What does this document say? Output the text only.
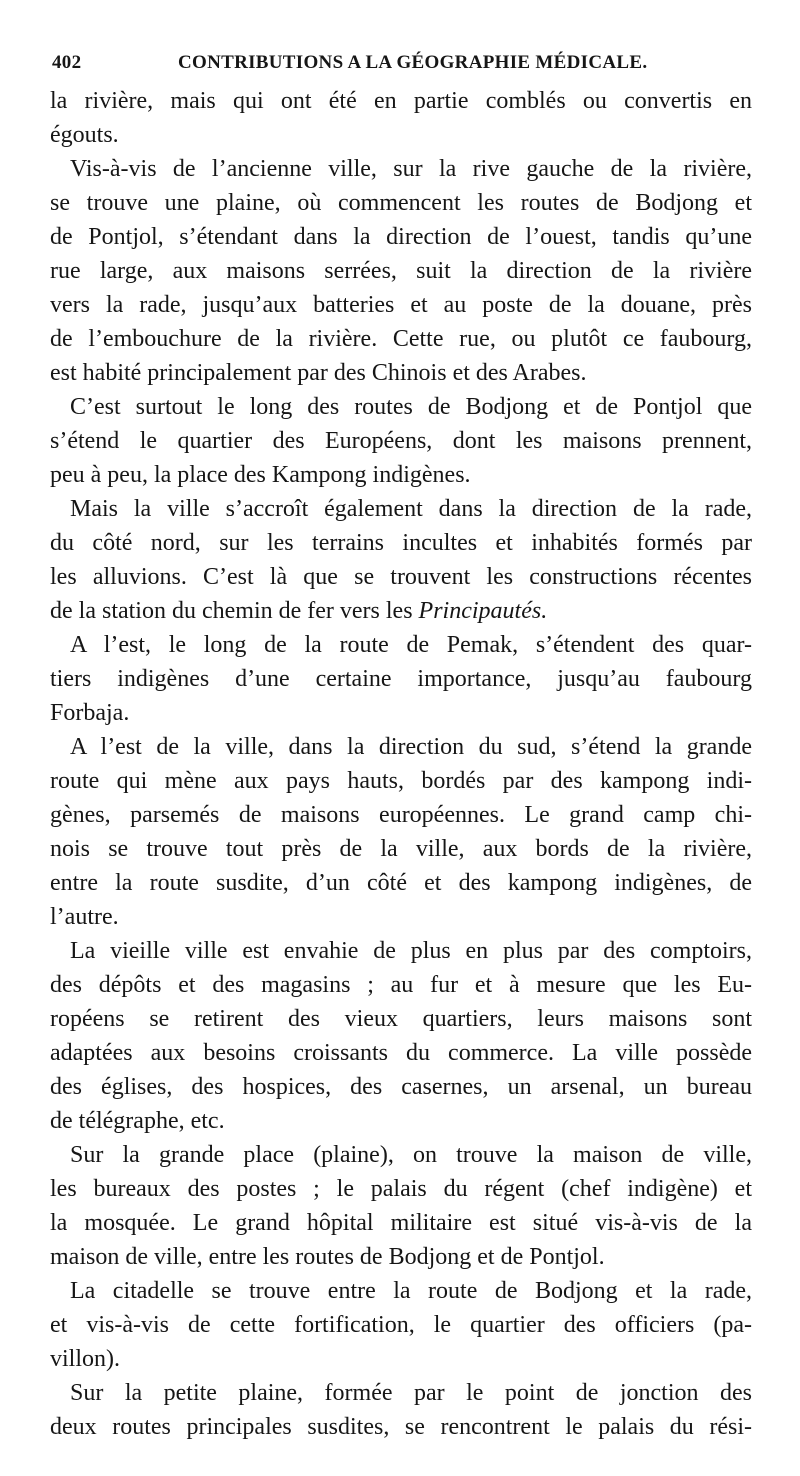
402	CONTRIBUTIONS A LA GÉOGRAPHIE MÉDICALE.
la rivière, mais qui ont été en partie comblés ou convertis en
égouts.
Vis-à-vis de l’ancienne ville, sur la rive gauche de la rivière,
se trouve une plaine, où commencent les routes de Bodjong et
de Pontjol, s’étendant dans la direction de l’ouest, tandis qu’une
rue large, aux maisons serrées, suit la direction de la rivière
vers la rade, jusqu’aux batteries et au poste de la douane, près
de l’embouchure de la rivière. Cette rue, ou plutôt ce faubourg,
est habité principalement par des Chinois et des Arabes.
C’est surtout le long des routes de Bodjong et de Pontjol que
s’étend le quartier des Européens, dont les maisons prennent,
peu à peu, la place des Kampong indigènes.
Mais la ville s’accroît également dans la direction de la rade,
du côté nord, sur les terrains incultes et inhabités formés par
les alluvions. C’est là que se trouvent les constructions récentes
de la station du chemin de fer vers les Principautés.
A l’est, le long de la route de Pemak, s’étendent des quar-
tiers indigènes d’une certaine importance, jusqu’au faubourg
Forbaja.
A l’est de la ville, dans la direction du sud, s’étend la grande
route qui mène aux pays hauts, bordés par des kampong indi-
gènes, parsemés de maisons européennes. Le grand camp chi-
nois se trouve tout près de la ville, aux bords de la rivière,
entre la route susdite, d’un côté et des kampong indigènes, de
l’autre.
La vieille ville est envahie de plus en plus par des comptoirs,
des dépôts et des magasins ; au fur et à mesure que les Eu-
ropéens se retirent des vieux quartiers, leurs maisons sont
adaptées aux besoins croissants du commerce. La ville possède
des églises, des hospices, des casernes, un arsenal, un bureau
de télégraphe, etc.
Sur la grande place (plaine), on trouve la maison de ville,
les bureaux des postes ; le palais du régent (chef indigène) et
la mosquée. Le grand hôpital militaire est situé vis-à-vis de la
maison de ville, entre les routes de Bodjong et de Pontjol.
La citadelle se trouve entre la route de Bodjong et la rade,
et vis-à-vis de cette fortification, le quartier des officiers (pa-
villon).
Sur la petite plaine, formée par le point de jonction des
deux routes principales susdites, se rencontrent le palais du rési-
